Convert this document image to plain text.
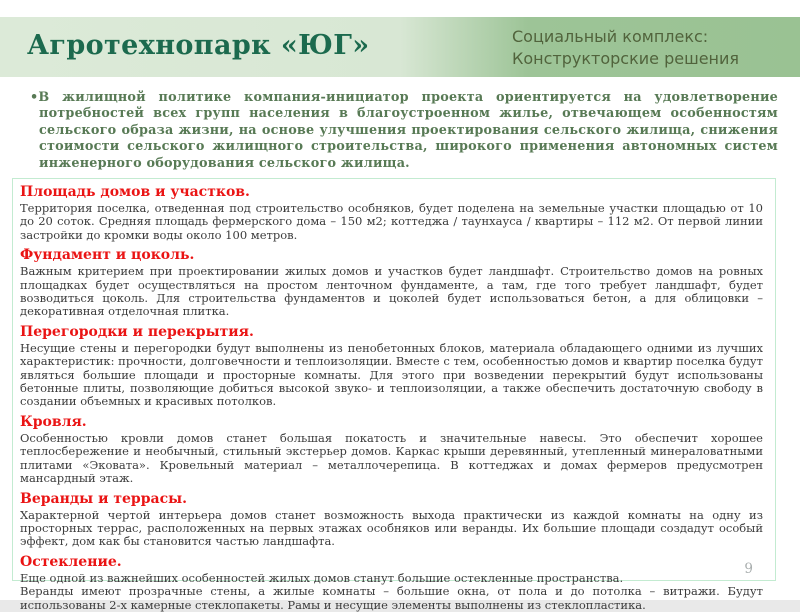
Агротехнопарк «ЮГ»	Социальный комплекс:
Конструкторские решения

•В жилищной политике компания-инициатор проекта ориентируется на удовлетворение потребностей всех групп населения в благоустроенном жилье, отвечающем особенностям сельского образа жизни, на основе улучшения проектирования сельского жилища, снижения стоимости сельского жилищного строительства, широкого применения автономных систем инженерного оборудования сельского жилища.

Площадь домов и участков.

Территория поселка, отведенная под строительство особняков, будет поделена на земельные участки площадью от 10 до 20 соток. Средняя площадь фермерского дома – 150 м2; коттеджа / таунхауса / квартиры – 112 м2. От первой линии застройки до кромки воды около 100 метров.

Фундамент и цоколь.

Важным критерием при проектировании жилых домов и участков будет ландшафт. Строительство домов на ровных площадках будет осуществляться на простом ленточном фундаменте, а там, где того требует ландшафт, будет возводиться цоколь. Для строительства фундаментов и цоколей будет использоваться бетон, а для облицовки – декоративная отделочная плитка.

Перегородки и перекрытия.

Несущие стены и перегородки будут выполнены из пенобетонных блоков, материала обладающего одними из лучших характеристик: прочности, долговечности и теплоизоляции. Вместе с тем, особенностью домов и квартир поселка будут являться большие площади и просторные комнаты. Для этого при возведении перекрытий будут использованы бетонные плиты, позволяющие добиться высокой звуко- и теплоизоляции, а также обеспечить достаточную свободу в создании объемных и красивых потолков.

Кровля.

Особенностью кровли домов станет большая покатость и значительные навесы. Это обеспечит хорошее теплосбережение и необычный, стильный экстерьер домов. Каркас крыши деревянный, утепленный минераловатными плитами «Эковата». Кровельный материал – металлочерепица. В коттеджах и домах фермеров предусмотрен мансардный этаж.

Веранды и террасы.

Характерной чертой интерьера домов станет возможность выхода практически из каждой комнаты на одну из просторных террас, расположенных на первых этажах особняков или веранды. Их большие площади создадут особый эффект, дом как бы становится частью ландшафта.

Остекление.

Еще одной из важнейших особенностей жилых домов станут большие остекленные пространства.

Веранды имеют прозрачные стены, а жилые комнаты – большие окна, от пола и до потолка – витражи. Будут использованы 2-х камерные стеклопакеты. Рамы и несущие элементы выполнены из стеклопластика.

9
